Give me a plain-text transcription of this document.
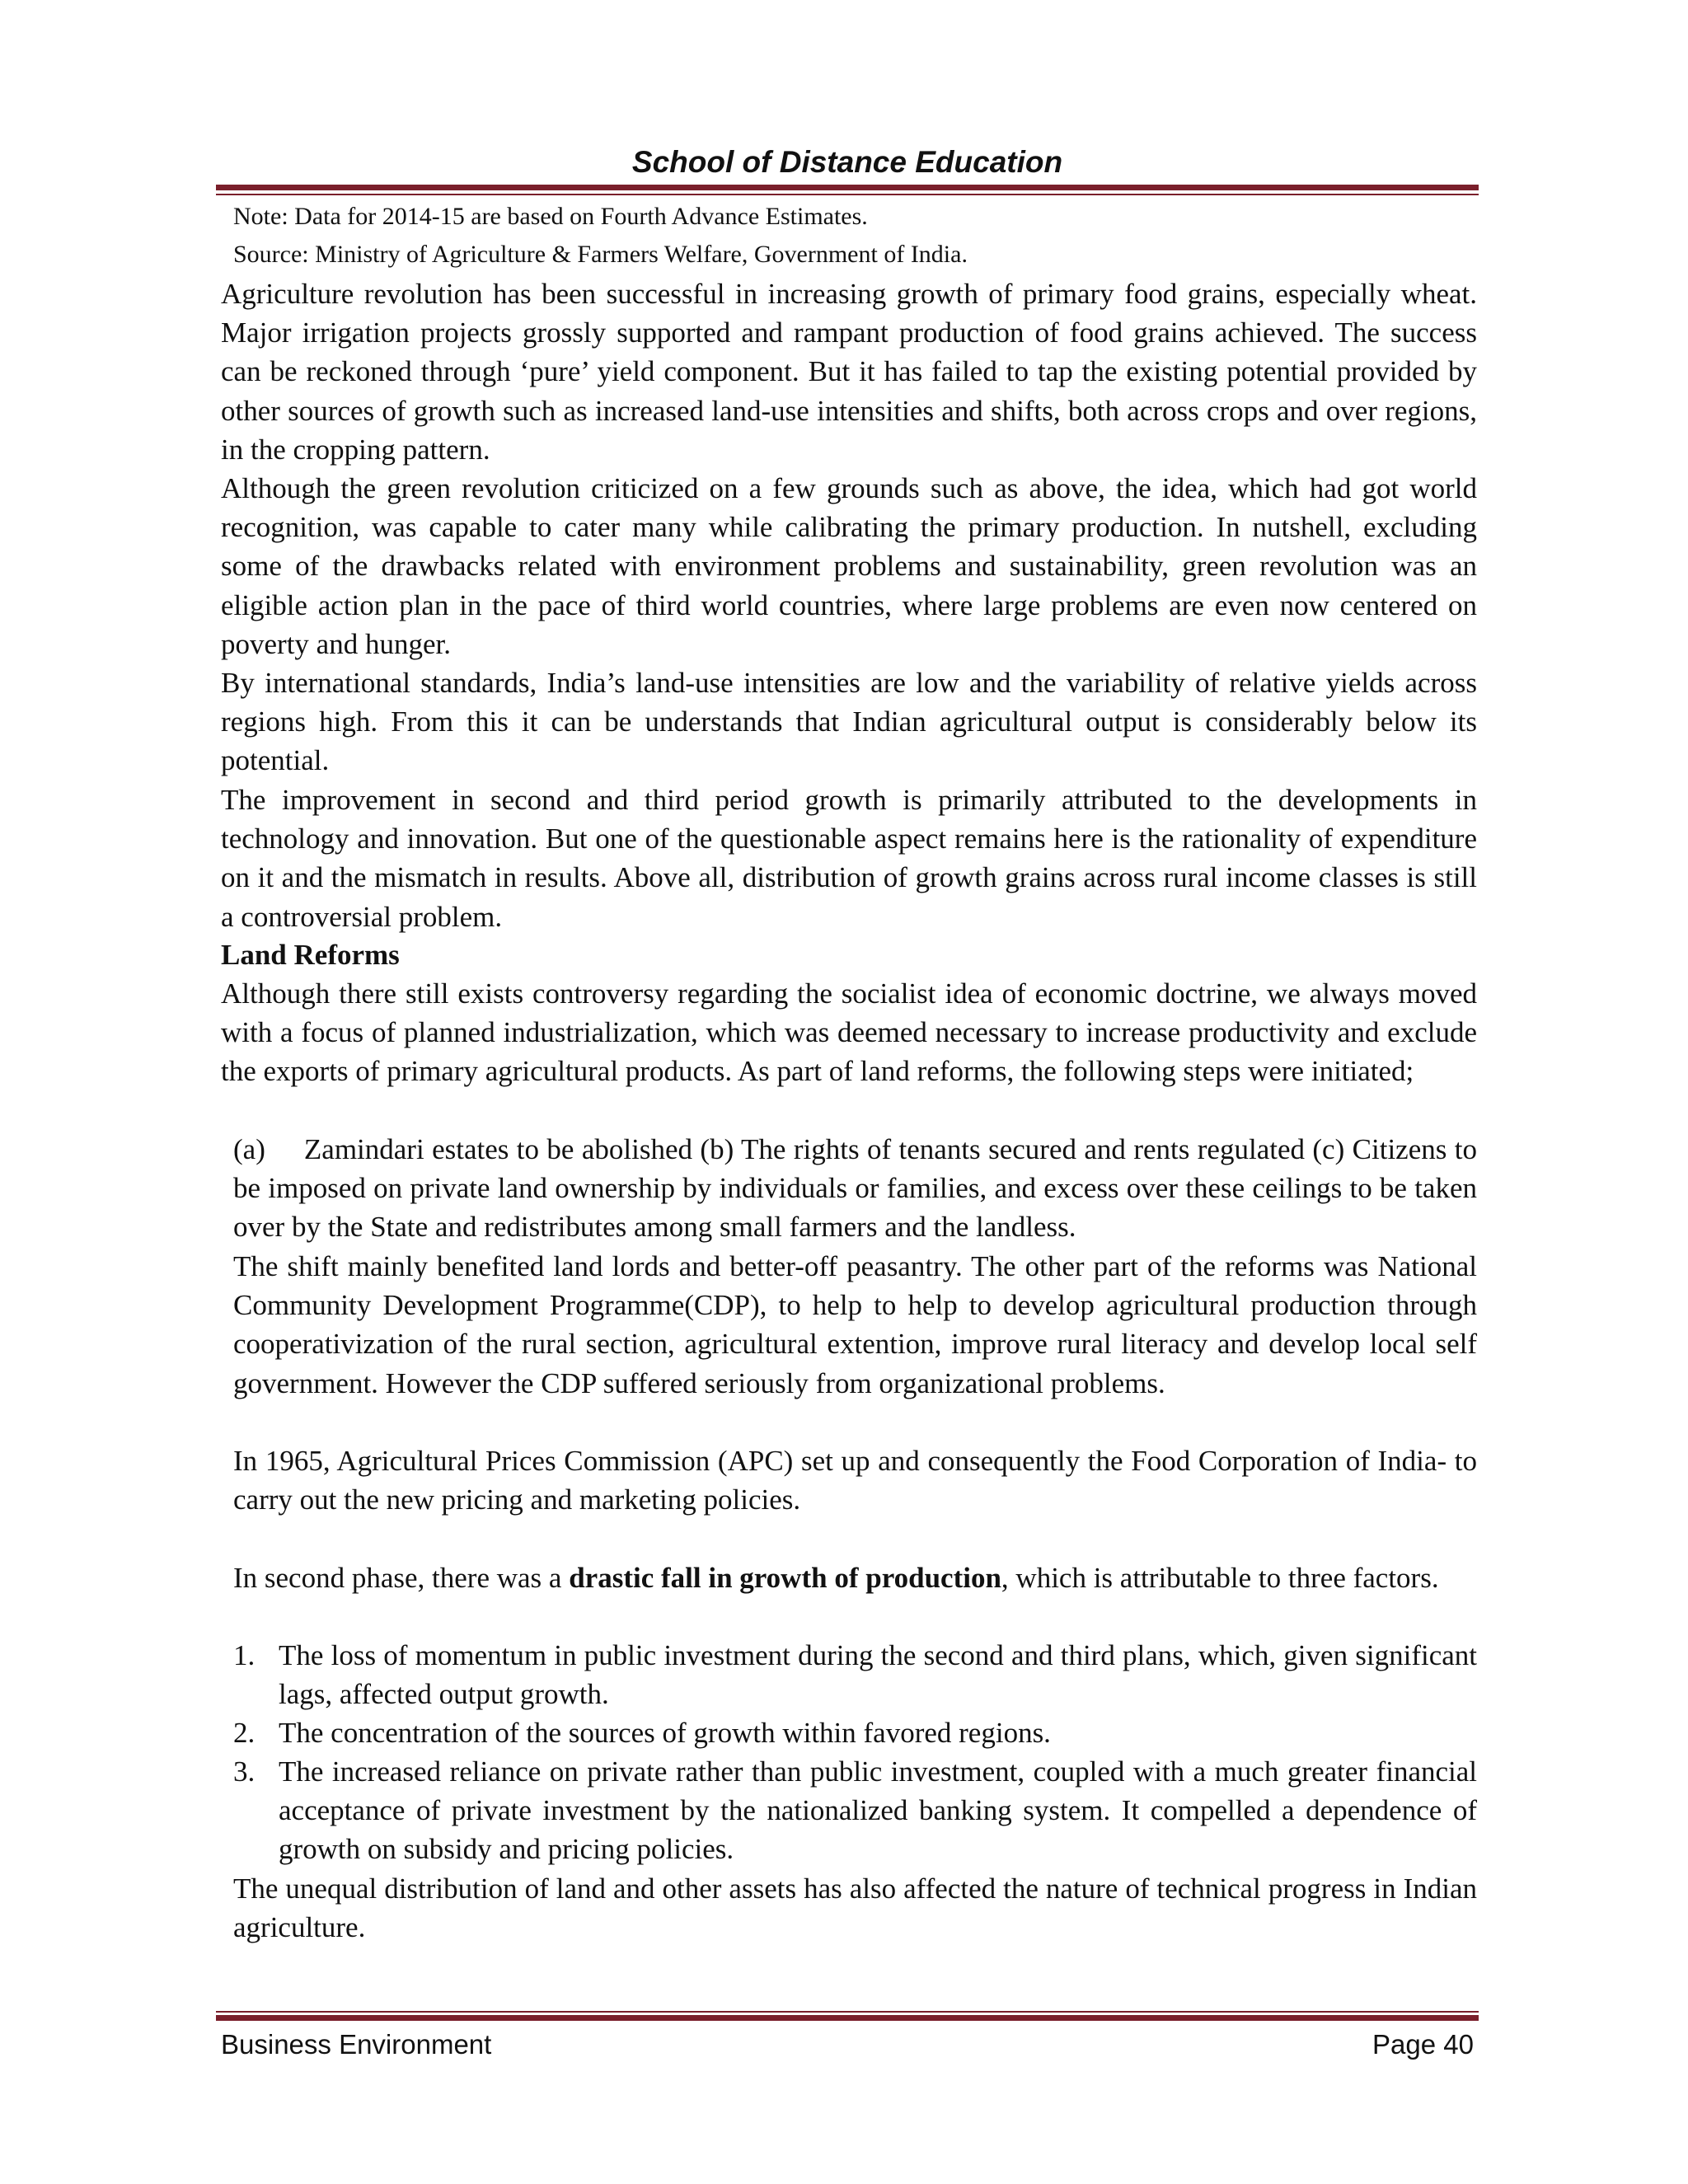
School of Distance Education
Note: Data for 2014-15 are based on Fourth Advance Estimates.
Source: Ministry of Agriculture & Farmers Welfare, Government of India.

Agriculture revolution has been successful in increasing growth of primary food grains, especially wheat. Major irrigation projects grossly supported and rampant production of food grains achieved. The success can be reckoned through ‘pure’ yield component. But it has failed to tap the existing potential provided by other sources of growth such as increased land-use intensities and shifts, both across crops and over regions, in the cropping pattern.

Although the green revolution criticized on a few grounds such as above, the idea, which had got world recognition, was capable to cater many while calibrating the primary production. In nutshell, excluding some of the drawbacks related with environment problems and sustainability, green revolution was an eligible action plan in the pace of third world countries, where large problems are even now centered on poverty and hunger.

By international standards, India’s land-use intensities are low and the variability of relative yields across regions high. From this it can be understands that Indian agricultural output is considerably below its potential.

The improvement in second and third period growth is primarily attributed to the developments in technology and innovation. But one of the questionable aspect remains here is the rationality of expenditure on it and the mismatch in results. Above all, distribution of growth grains across rural income classes is still a controversial problem.

Land Reforms

Although there still exists controversy regarding the socialist idea of economic doctrine, we always moved with a focus of planned industrialization, which was deemed necessary to increase productivity and exclude the exports of primary agricultural products. As part of land reforms, the following steps were initiated;

(a)     Zamindari estates to be abolished (b) The rights of tenants secured and rents regulated (c) Citizens to be imposed on private land ownership by individuals or families, and excess over these ceilings to be taken over by the State and redistributes among small farmers and the landless.

The shift mainly benefited land lords and better-off peasantry. The other part of the reforms was National Community Development Programme(CDP), to help to help to develop agricultural production through cooperativization of the rural section, agricultural extention, improve rural literacy and develop local self government. However the CDP suffered seriously from organizational problems.

In 1965, Agricultural Prices Commission (APC) set up and consequently the Food Corporation of India- to carry out the new pricing and marketing policies.

In second phase, there was a drastic fall in growth of production, which is attributable to three factors.

1. The loss of momentum in public investment during the second and third plans, which, given significant lags, affected output growth.

2. The concentration of the sources of growth within favored regions.

3. The increased reliance on private rather than public investment, coupled with a much greater financial acceptance of private investment by the nationalized banking system. It compelled a dependence of growth on subsidy and pricing policies.

The unequal distribution of land and other assets has also affected the nature of technical progress in Indian agriculture.

Business Environment	Page 40
